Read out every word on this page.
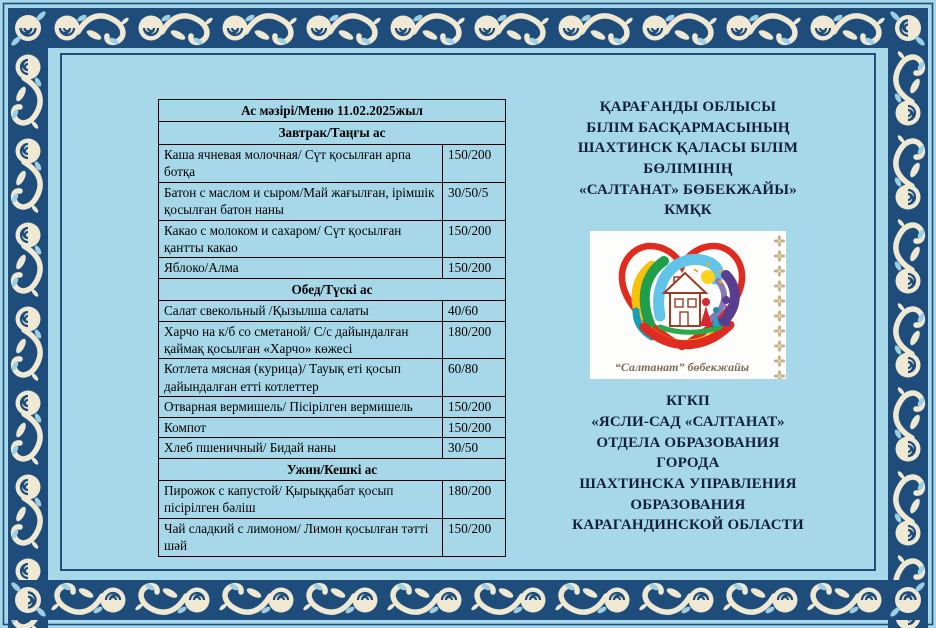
Ас мәзірі/Меню 11.02.2025жыл	
Завтрак/Таңғы ас	
Каша ячневая молочная/ Сүт қосылған арпа ботқа	150/200
Батон с маслом и сыром/Май жағылған, ірімшік қосылған батон наны	30/50/5
Какао с молоком и сахаром/ Сүт қосылған қантты какао	150/200
Яблоко/Алма	150/200
Обед/Түскі ас	
Салат свекольный /Қызылша салаты	40/60
Харчо на к/б со сметаной/ С/с дайындалған қаймақ қосылған «Харчо» көжесі	180/200
Котлета мясная (курица)/ Тауық еті қосып дайындалған етті котлеттер	60/80
Отварная вермишель/ Пісірілген вермишель	150/200
Компот	150/200
Хлеб пшеничный/ Бидай наны	30/50
Ужин/Кешкі ас	
Пирожок с капустой/ Қырыққабат қосып пісірілген бәліш	180/200
Чай сладкий с лимоном/ Лимон қосылған тәтті шәй	150/200
ҚАРАҒАНДЫ ОБЛЫСЫ
БІЛІМ БАСҚАРМАСЫНЫҢ
ШАХТИНСК ҚАЛАСЫ БІЛІМ
БӨЛІМІНІҢ
«САЛТАНАТ» БӨБЕКЖАЙЫ»
КМҚК
“Салтанат” бөбекжайы
КГКП
«ЯСЛИ-САД «САЛТАНАТ»
ОТДЕЛА ОБРАЗОВАНИЯ
ГОРОДА
ШАХТИНСКА УПРАВЛЕНИЯ
ОБРАЗОВАНИЯ
КАРАГАНДИНСКОЙ ОБЛАСТИ
